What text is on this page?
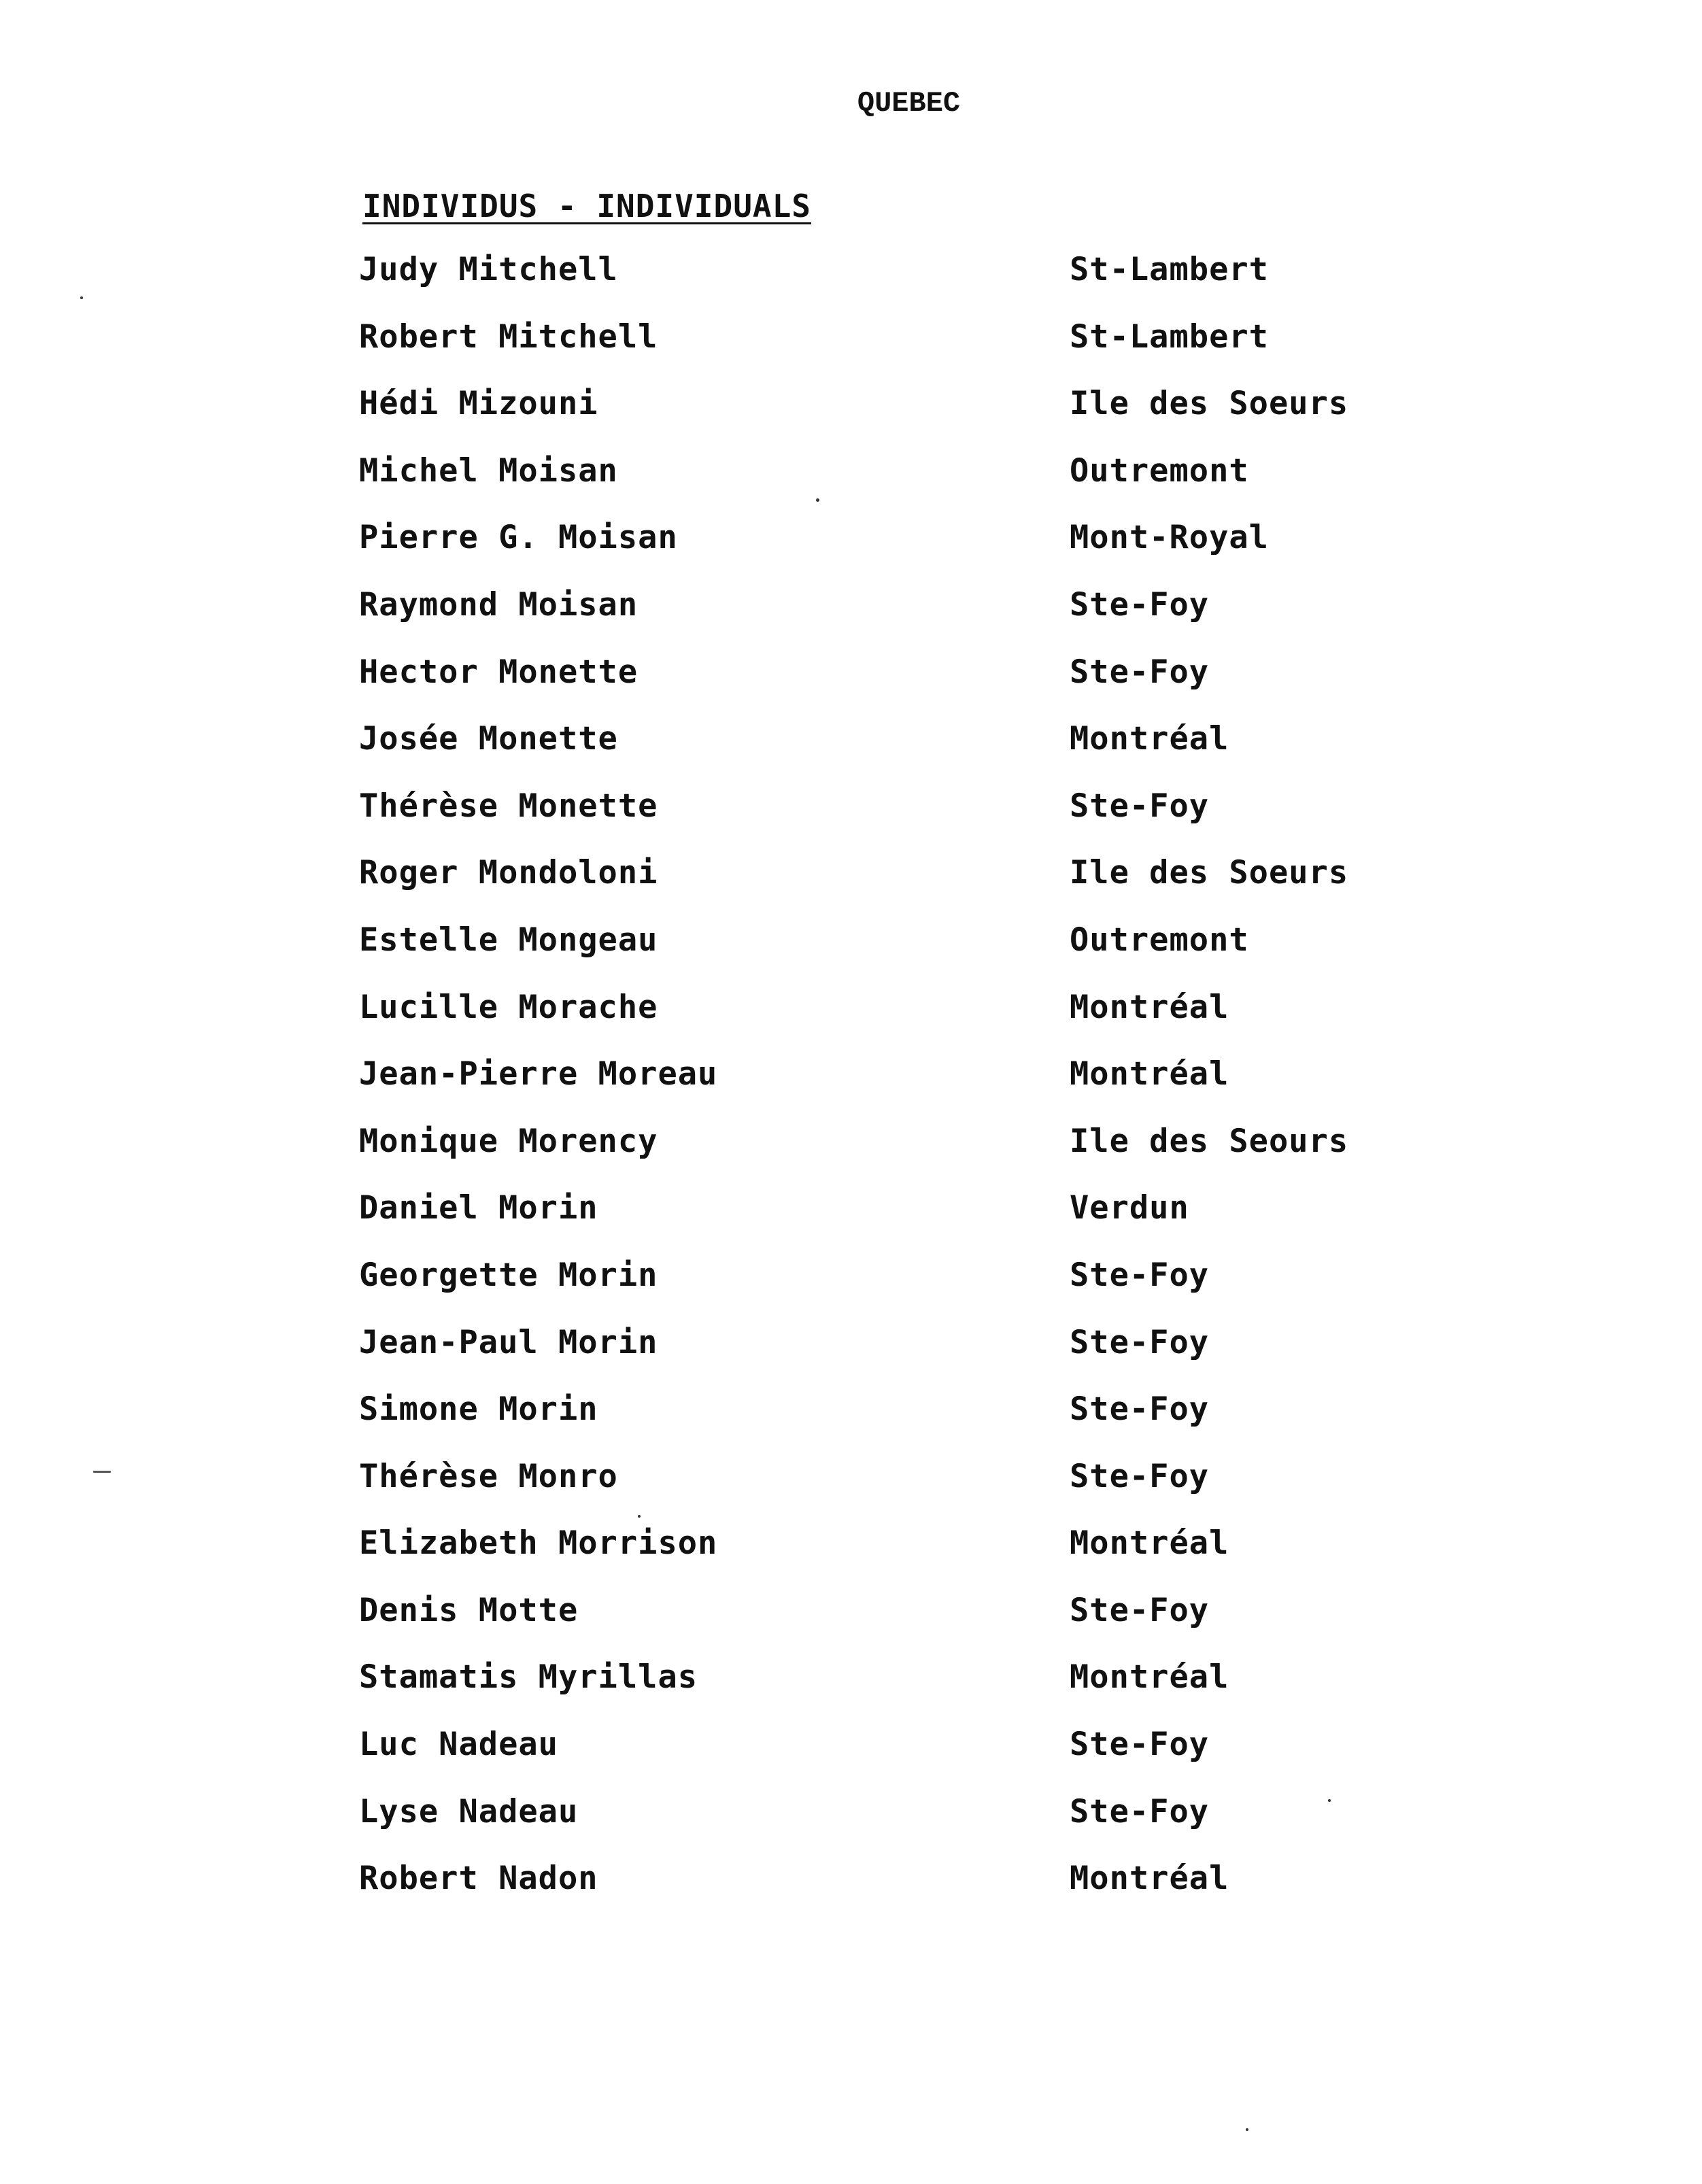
QUEBEC
INDIVIDUS - INDIVIDUALS
Judy Mitchell	St-Lambert
Robert Mitchell	St-Lambert
Hédi Mizouni	Ile des Soeurs
Michel Moisan	Outremont
Pierre G. Moisan	Mont-Royal
Raymond Moisan	Ste-Foy
Hector Monette	Ste-Foy
Josée Monette	Montréal
Thérèse Monette	Ste-Foy
Roger Mondoloni	Ile des Soeurs
Estelle Mongeau	Outremont
Lucille Morache	Montréal
Jean-Pierre Moreau	Montréal
Monique Morency	Ile des Seours
Daniel Morin	Verdun
Georgette Morin	Ste-Foy
Jean-Paul Morin	Ste-Foy
Simone Morin	Ste-Foy
Thérèse Monro	Ste-Foy
Elizabeth Morrison	Montréal
Denis Motte	Ste-Foy
Stamatis Myrillas	Montréal
Luc Nadeau	Ste-Foy
Lyse Nadeau	Ste-Foy
Robert Nadon	Montréal
